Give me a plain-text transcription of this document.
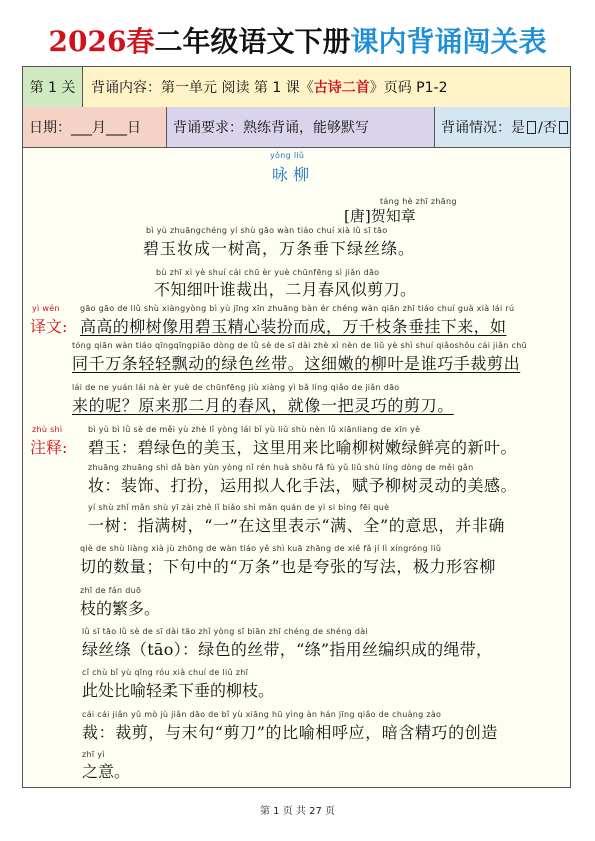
2026春二年级语文下册课内背诵闯关表
第 1 关	背诵内容：第一单元 阅读 第 1 课《 古诗二首 》页码 P1-2
日期：___月___日	背诵要求：熟练背诵，能够默写	背诵情况：是 /否
yǒng liǔ
咏 柳
táng hè zhī zhāng
[唐]贺知章
bì yù zhuāngchéng yí shù gāo wàn tiáo chuí xià lǜ sī tāo
碧玉妆成一树高，万条垂下绿丝绦。
bù zhī xì yè shuí cái chū èr yuè chūnfēng sì jiǎn dāo
不知细叶谁裁出，二月春风似剪刀。
yì wén
译文:
gāo gāo de liǔ shù xiàngyòng bì yù jīng xīn zhuāng bàn ér chéng wàn qiān zhī tiáo chuí guà xià lái rú
高高的柳树像用碧玉精心装扮而成，万千枝条垂挂下来，如
tóng qiān wàn tiáo qīngqīngpiāo dòng de lǜ sè de sī dài zhè xì nèn de liǔ yè shì shuí qiǎoshǒu cái jiǎn chū
同千万条轻轻飘动的绿色丝带。这细嫩的柳叶是谁巧手裁剪出
lái de ne yuán lái nà èr yuè de chūnfēng jiù xiàng yì bǎ líng qiǎo de jiǎn dāo
来的呢？原来那二月的春风，就像一把灵巧的剪刀。
zhù shì
注释:
bì yù bì lǜ sè de měi yù zhè lǐ yòng lái bǐ yù liǔ shù nèn lǜ xiānliang de xīn yè
碧玉：碧绿色的美玉，这里用来比喻柳树嫩绿鲜亮的新叶。
zhuāng zhuāng shì dǎ bàn yùn yòng nǐ rén huà shǒu fǎ fù yǔ liǔ shù líng dòng de měi gǎn
妆：装饰、打扮，运用拟人化手法，赋予柳树灵动的美感。
yí shù zhǐ mǎn shù yī zài zhè lǐ biǎo shì mǎn quán de yì si bìng fēi què
一树：指满树，“一”在这里表示“满、全”的意思，并非确
qiè de shù liàng xià jù zhōng de wàn tiáo yě shì kuā zhāng de xiě fǎ jí lì xíngróng liǔ
切的数量；下句中的“万条”也是夸张的写法，极力形容柳
zhī de fán duō
枝的繁多。
lǜ sī tāo lǜ sè de sī dài tāo zhǐ yòng sī biān zhī chéng de shéng dài
绿丝绦（tāo）：绿色的丝带，“绦”指用丝编织成的绳带，
cǐ chù bǐ yù qīng róu xià chuí de liǔ zhī
此处比喻轻柔下垂的柳枝。
cái cái jiǎn yǔ mò jù jiǎn dāo de bǐ yù xiāng hū yìng àn hán jīng qiǎo de chuàng zào
裁：裁剪，与末句“剪刀”的比喻相呼应，暗含精巧的创造
zhī yì
之意。
第 1 页 共 27 页
